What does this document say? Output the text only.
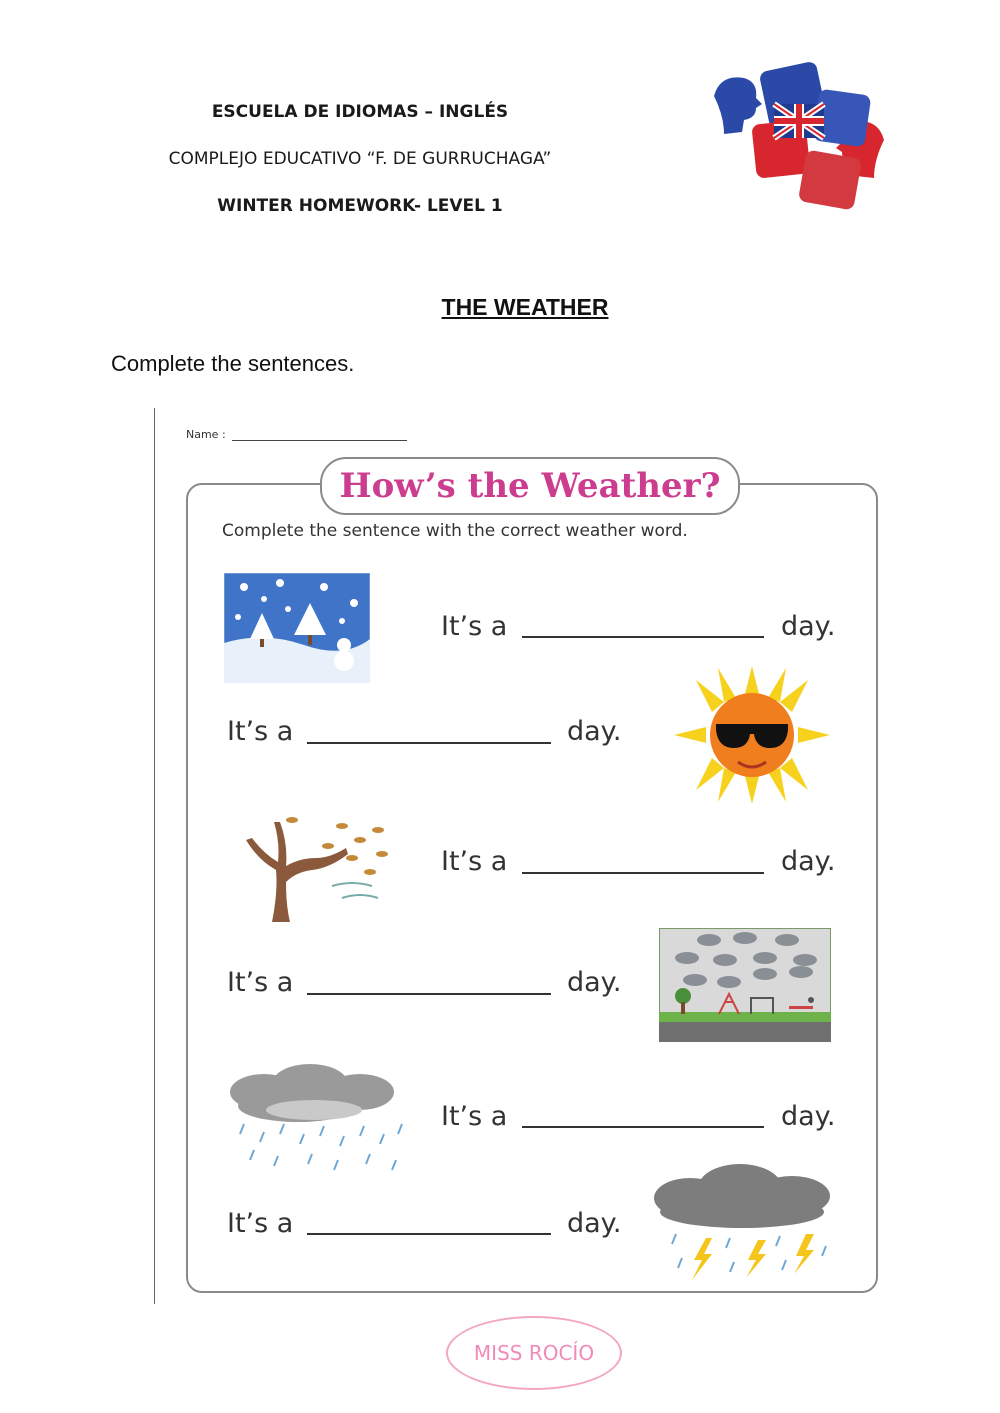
ESCUELA DE IDIOMAS – INGLÉS
COMPLEJO EDUCATIVO “F. DE GURRUCHAGA”
WINTER HOMEWORK- LEVEL 1
THE WEATHER
Complete the sentences.
Name :
How’s the Weather?
Complete the sentence with the correct weather word.
It’s a	day.
It’s a	day.
It’s a	day.
It’s a	day.
It’s a	day.
It’s a	day.
MISS ROCÍO
